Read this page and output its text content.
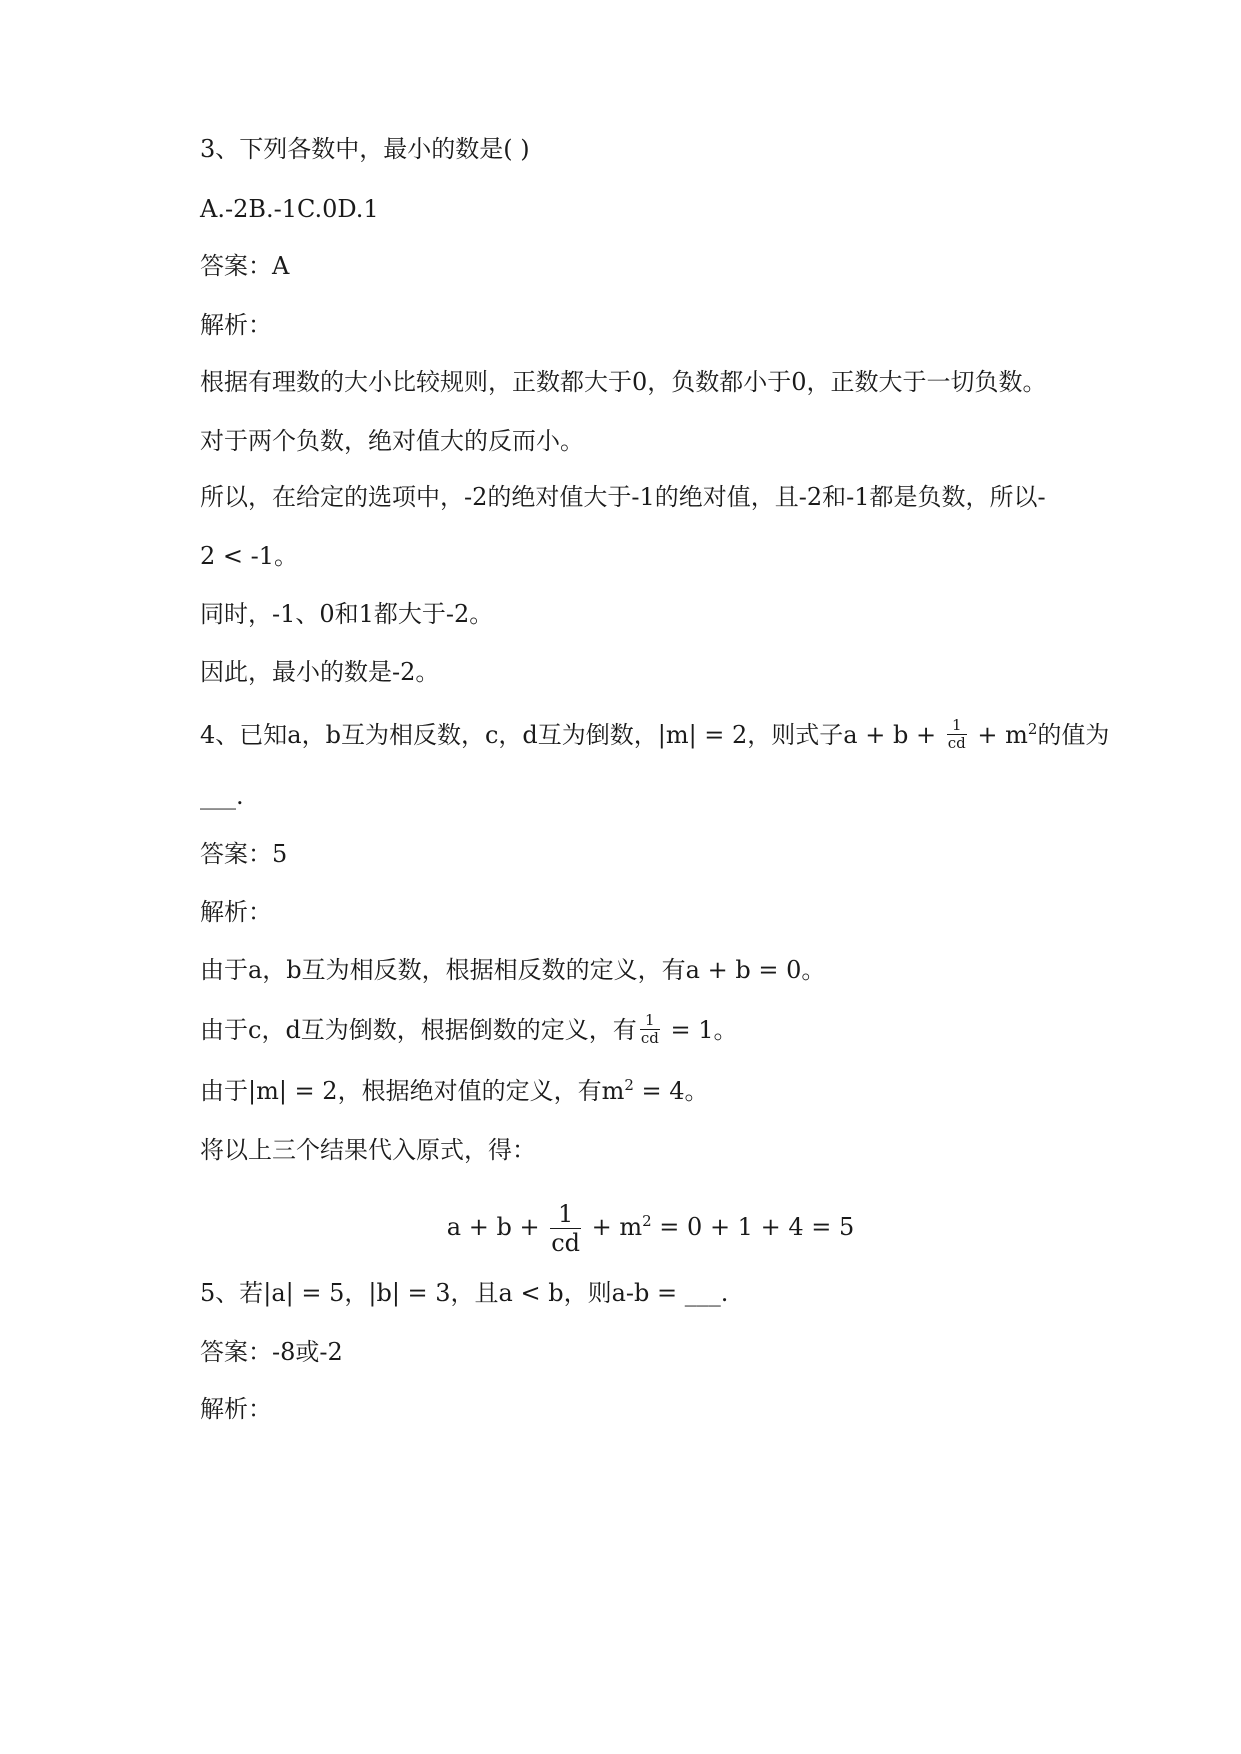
3、下列各数中，最小的数是( )
A.-2B.-1C.0D.1
答案：A
解析：
根据有理数的大小比较规则，正数都大于0，负数都小于0，正数大于一切负数。
对于两个负数，绝对值大的反而小。
所以，在给定的选项中，-2的绝对值大于-1的绝对值，且-2和-1都是负数，所以-
2 < -1。
同时，-1、0和1都大于-2。
因此，最小的数是-2。
4、已知a，b互为相反数，c，d互为倒数，|m| = 2，则式子$a + b + \frac{1}{cd} + m^2$的值为
___.
答案：5
解析：
由于a，b互为相反数，根据相反数的定义，有a + b = 0。
由于c，d互为倒数，根据倒数的定义，有 $\frac{1}{cd} = 1$。
由于|m| = 2，根据绝对值的定义，有$m^2 = 4$。
将以上三个结果代入原式，得：
$a + b + \frac{1}{cd} + m^2 = 0 + 1 + 4 = 5$
5、若|a| = 5，|b| = 3，且a < b，则a-b = ___.
答案：-8或-2
解析：
